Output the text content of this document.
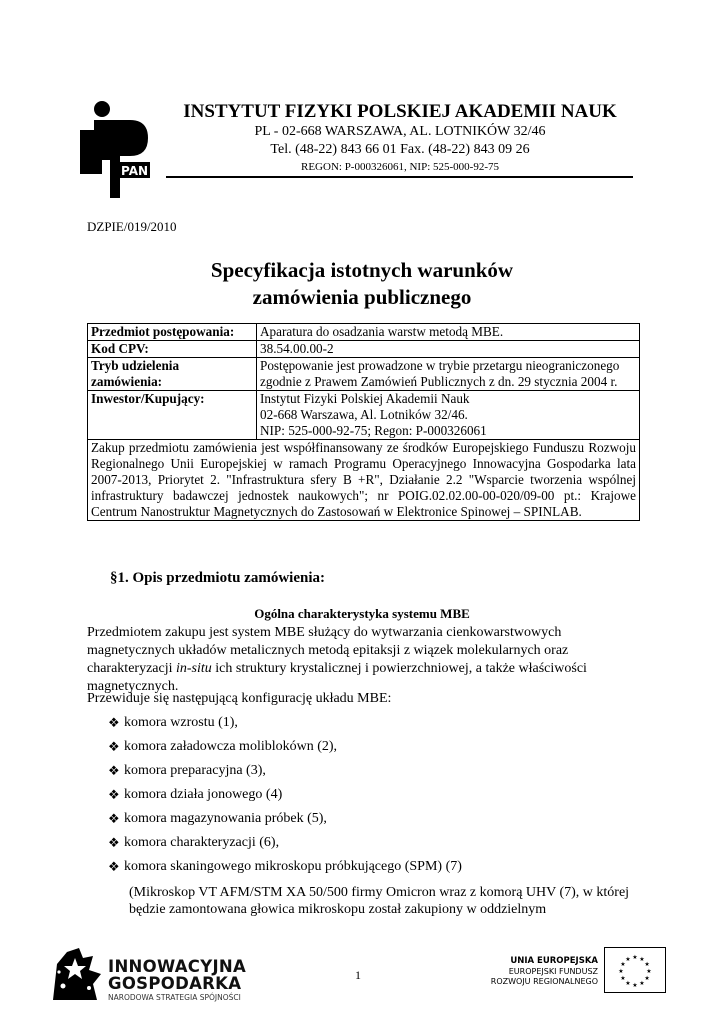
PAN
INSTYTUT FIZYKI POLSKIEJ AKADEMII NAUK
PL - 02-668 WARSZAWA, AL. LOTNIKÓW 32/46
Tel. (48-22) 843 66 01 Fax. (48-22) 843 09 26
REGON: P-000326061, NIP: 525-000-92-75
DZPIE/019/2010
Specyfikacja istotnych warunków
zamówienia publicznego
Przedmiot postępowania:	Aparatura do osadzania warstw metodą MBE.

Kod CPV:	38.54.00.00-2

Tryb udzielenia zamówienia:	Postępowanie jest prowadzone w trybie przetargu nieograniczonego
zgodnie z Prawem Zamówień Publicznych z dn. 29 stycznia 2004 r.

Inwestor/Kupujący:	Instytut Fizyki Polskiej Akademii Nauk
02-668 Warszawa, Al. Lotników 32/46.
NIP: 525-000-92-75; Regon: P-000326061

Zakup przedmiotu zamówienia jest współfinansowany ze środków Europejskiego Funduszu Rozwoju Regionalnego Unii Europejskiej w ramach Programu Operacyjnego Innowacyjna Gospodarka lata 2007-2013, Priorytet 2. "Infrastruktura sfery B +R", Działanie 2.2 "Wsparcie tworzenia wspólnej infrastruktury badawczej jednostek naukowych"; nr POIG.02.02.00-00-020/09-00 pt.: Krajowe Centrum Nanostruktur Magnetycznych do Zastosowań w Elektronice Spinowej – SPINLAB.	
§1. Opis przedmiotu zamówienia:
Ogólna charakterystyka systemu MBE
Przedmiotem zakupu jest system MBE służący do wytwarzania cienkowarstwowych magnetycznych układów metalicznych metodą epitaksji z wiązek molekularnych oraz charakteryzacji in-situ ich struktury krystalicznej i powierzchniowej, a także właściwości magnetycznych.
Przewiduje się następującą konfigurację układu MBE:
❖ komora wzrostu (1),
❖ komora załadowcza moliblokówn (2),
❖ komora preparacyjna (3),
❖ komora działa jonowego (4)
❖ komora magazynowania próbek (5),
❖ komora charakteryzacji (6),
❖ komora skaningowego mikroskopu próbkującego (SPM) (7)
(Mikroskop VT AFM/STM XA 50/500 firmy Omicron wraz z komorą UHV (7), w której będzie zamontowana głowica mikroskopu został zakupiony w oddzielnym
INNOWACYJNA
GOSPODARKA
NARODOWA STRATEGIA SPÓJNOŚCI
1
UNIA EUROPEJSKA
EUROPEJSKI FUNDUSZ
ROZWOJU REGIONALNEGO
★ ★
★
★
★
★
★
★
★
★
★
★
